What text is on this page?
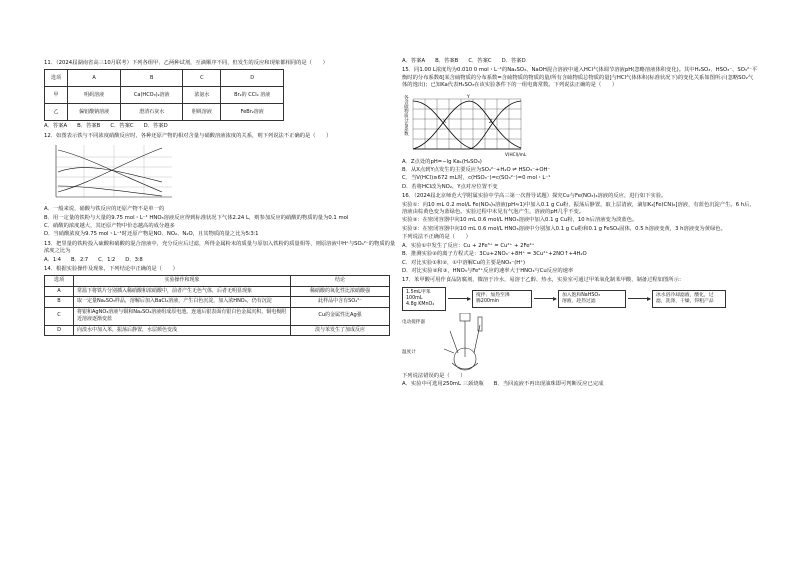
11．（2024届湖南省高三10月联考）下列各组甲、乙两种试剂，互滴顺序不同，但发生的反应和现象都相同的是（　　）

选项	A	B	C	D
甲	明矾溶液	Ca(HCO₃)₂溶液	浓氨水	Br₂的 CCl₄ 溶液
乙	偏铝酸钠溶液	澄清石灰水	胆矾溶液	FeBr₂溶液
A．答案A B．答案B C．答案C D．答案D

12．如图表示铁与不同浓度硝酸反应时，各种还原产物的相对含量与硝酸溶液浓度的关系，则下列说法不正确的是（　　）

A．一般来说，硝酸与铁反应的还原产物不是单一的

B．用一定量的铁粉与大量的9.75 mol・L⁻¹ HNO₃溶液反应得到标准状况下气体2.24 L，则参加反应的硝酸的物质的量为0.1 mol

C．硝酸的浓度越大，其还原产物中价态越高的成分越多

D．当硝酸浓度为9.75 mol・L⁻¹时还原产物是NO、NO₂、N₂O，且其物质的量之比为5∶3∶1

13．把里量的铁粉投入硫酸和硝酸的混合溶液中，充分反应后过滤，所得金属粉末的质量与原加入铁粉的质量相等，则原溶液中H⁺与SO₄²⁻的物质的量浓度之比为

A．1∶4 B．2∶7 C．1∶2 D．3∶8

14．根据实验操作及现象，下列结论中正确的是（　　）

选项	实验操作和现象	结论
A	常温下将铁片分别插入稀硝酸和浓硝酸中，前者产生无色气体，后者无明显现象	稀硝酸的氧化性比浓硝酸强
B	取一定量Na₂SO₃样品，溶解后加入BaCl₂溶液，产生白色沉淀。加入浓HNO₃，仍有沉淀	此样品中含有SO₄²⁻
C	将银和AgNO₃溶液与铜和Na₂SO₄溶液组成原电池。连通后银表面有银白色金属沉积，铜电极附近溶液逐渐变蓝	Cu的金属性比Ag强
D	向溴水中加入苯，振荡后静置，水层颜色变浅	溴与苯发生了加成反应
A．答案A B．答案B C．答案C D．答案D

15．同1.00 L浓度均为0.010 0 mol・L⁻¹的Na₂SO₃、NaOH混合溶液中通入HCl气体调节溶液pH(忽略溶液体积变化)。其中H₂SO₃、HSO₃⁻、SO₃²⁻平衡时的分布系数δ[某含硫物质的分布系数=含硫物质的物质的量/所有含硫物质总物质的量]与HCl气体体积(标准状况下)的变化关系如图所示(忽略SO₂气体的逸出)；已知Ka代表H₂SO₃在该实验条件下的一组电离常数。下列说法正确的是（　　）

各含硫物质分布系数	X
Y
Z
V(HCl)/mL

A．Z点处的pH=−lg Ka₁(H₂SO₃)

B．从X点到Y点发生的主要反应为SO₃²⁻+H₂O ⇌ HSO₃⁻+OH⁻

C．当V(HCl)≥672 mL时，c(HSO₃⁻)=c(SO₃²⁻)=0 mol・L⁻¹

D．若将HCl改为NO₂，Y点对应位置不变

16．（2024届北京师范大学附属实验中学高三第一次督导试题）探究Cu与Fe(NO₃)₃溶液的反应，进行如下实验。

实验①：向10 mL 0.2 mol/L Fe(NO₃)₃溶液(pH≈1)中加入0.1 g Cu粉，振荡后静置，取上层清液，滴加K₃[Fe(CN)₆]溶液，有蓝色沉淀产生。6 h后，溶液由棕黄色变为蓝绿色。实验过程中未见有气泡产生，溶液的pH几乎不变。

实验②：在密闭容器中向10 mL 0.6 mol/L HNO₃溶液中加入0.1 g Cu粉，10 h后溶液变为淡蓝色。

实验③：在密闭容器中向10 mL 0.6 mol/L HNO₃溶液中分别加入0.1 g Cu粉和0.1 g FeSO₄固体，0.5 h溶液变黄，3 h溶液变为黄绿色。

下列说法不正确的是（　　）

A．实验①中发生了反应：Cu + 2Fe³⁺ = Cu²⁺ + 2Fe²⁺

B．推测实验②的离子方程式是：3Cu+2NO₃⁻+8H⁺ = 3Cu²⁺+2NO↑+4H₂O

C．对比实验①和②，①中溶解Cu的主要是NO₃⁻(H⁺)

D．对比实验②和③，HNO₃与Fe²⁺反应的速率大于HNO₃与Cu反应的速率

17．苯甲酸可用作食品防腐剂，微溶于冷水，易溶于乙醇、热水，实验室可通过甲苯氧化制苯甲酸，制备过程如图所示：

1.5mL甲苯
100mL
4.8g KMnO₄
搅拌、加热至沸
腾200min
加入饱和NaHSO₃
溶液，趁热过滤
冰水浴冷却滤液，酸化，过滤，洗涤，干燥，得粗产品
电动搅拌器
温度计

下列说法错误的是（　　）

A．实验中可选用250mL 三颈烧瓶 B．当回流液不再出现油珠即可判断反应已完成
